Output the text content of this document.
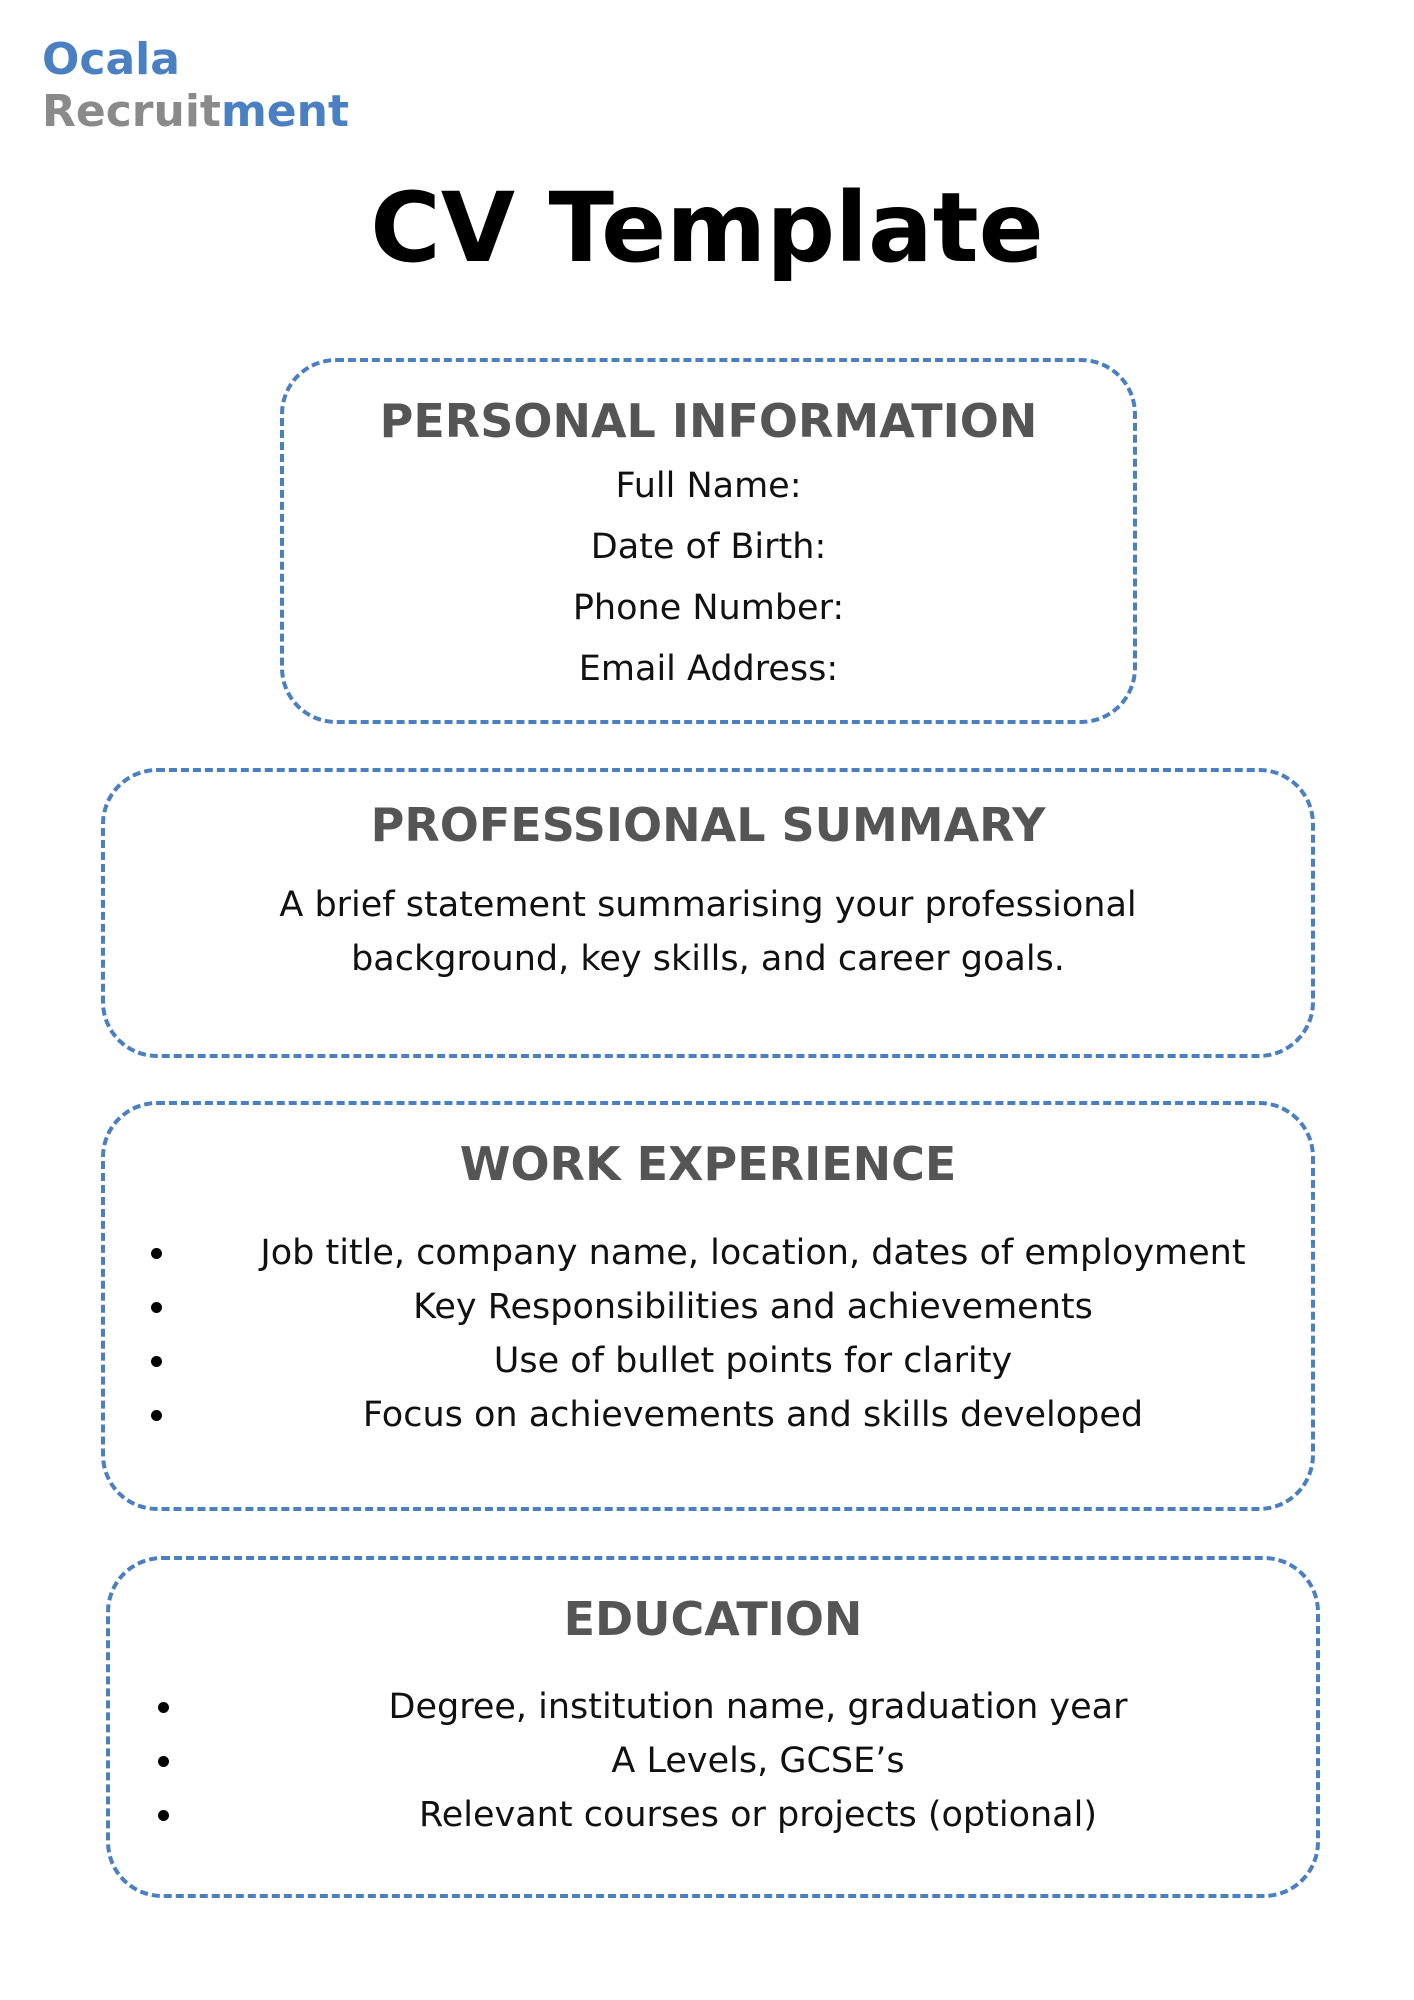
Ocala
Recruitment
CV Template
PERSONAL INFORMATION
Full Name:
Date of Birth:
Phone Number:
Email Address:
PROFESSIONAL SUMMARY
A brief statement summarising your professional
background, key skills, and career goals.
WORK EXPERIENCE
Job title, company name, location, dates of employment
Key Responsibilities and achievements
Use of bullet points for clarity
Focus on achievements and skills developed
EDUCATION
Degree, institution name, graduation year
A Levels, GCSE’s
Relevant courses or projects (optional)
